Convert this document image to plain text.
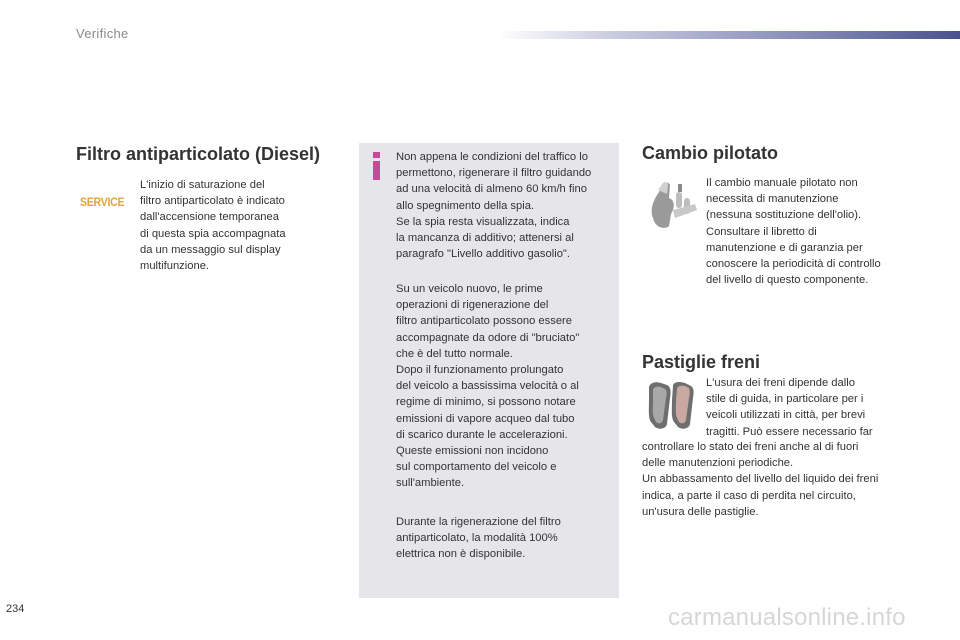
Verifiche
Filtro antiparticolato (Diesel)
SERVICE

L'inizio di saturazione del
filtro antiparticolato è indicato
dall'accensione temporanea
di questa spia accompagnata
da un messaggio sul display
multifunzione.

Non appena le condizioni del traffico lo
permettono, rigenerare il filtro guidando
ad una velocità di almeno 60 km/h fino
allo spegnimento della spia.
Se la spia resta visualizzata, indica
la mancanza di additivo; attenersi al
paragrafo "Livello additivo gasolio".

Su un veicolo nuovo, le prime
operazioni di rigenerazione del
filtro antiparticolato possono essere
accompagnate da odore di "bruciato"
che è del tutto normale.
Dopo il funzionamento prolungato
del veicolo a bassissima velocità o al
regime di minimo, si possono notare
emissioni di vapore acqueo dal tubo
di scarico durante le accelerazioni.
Queste emissioni non incidono
sul comportamento del veicolo e
sull'ambiente.

Durante la rigenerazione del filtro
antiparticolato, la modalità 100%
elettrica non è disponibile.

Cambio pilotato

Il cambio manuale pilotato non
necessita di manutenzione
(nessuna sostituzione dell'olio).
Consultare il libretto di
manutenzione e di garanzia per
conoscere la periodicità di controllo
del livello di questo componente.

Pastiglie freni

L'usura dei freni dipende dallo
stile di guida, in particolare per i
veicoli utilizzati in città, per brevi
tragitti. Può essere necessario far

controllare lo stato dei freni anche al di fuori
delle manutenzioni periodiche.
Un abbassamento del livello del liquido dei freni
indica, a parte il caso di perdita nel circuito,
un'usura delle pastiglie.

234	carmanualsonline.info
